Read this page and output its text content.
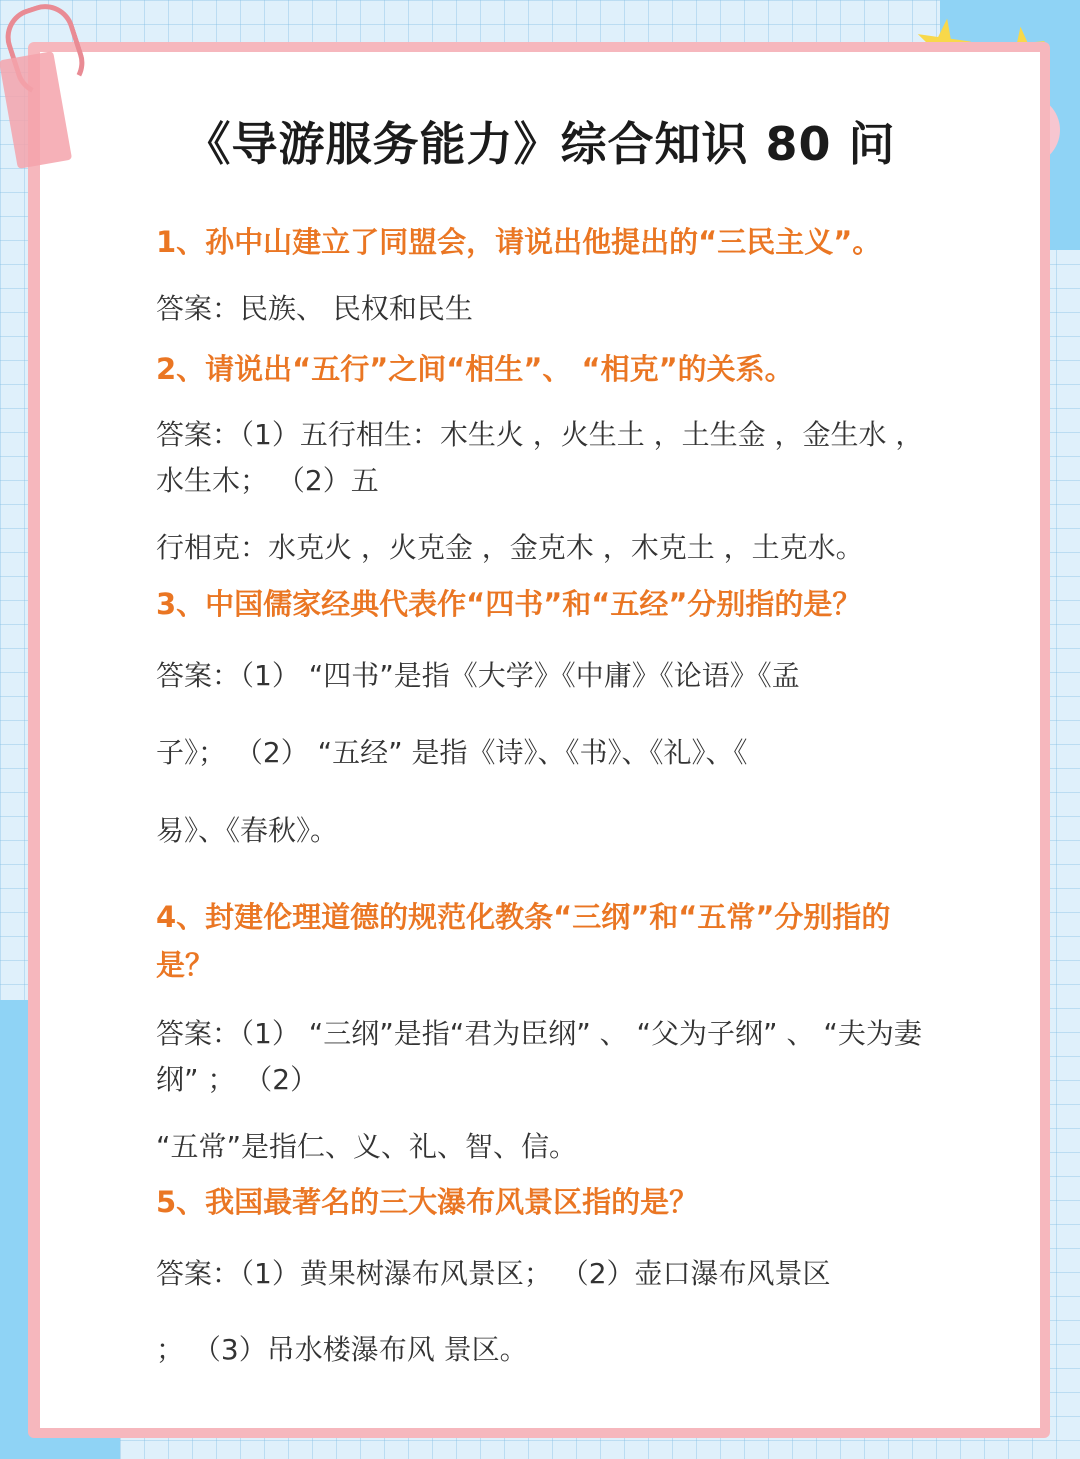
《导游服务能力》综合知识 80 问

1、孙中山建立了同盟会，请说出他提出的“三民主义”。

答案：民族、 民权和民生

2、请说出“五行”之间“相生”、 “相克”的关系。

答案：（1）五行相生：木生火 ，火生土 ，土生金 ，金生水 ，水生木； （2）五

行相克：水克火 ，火克金 ，金克木 ，木克土 ，土克水。

3、中国儒家经典代表作“四书”和“五经”分别指的是？

答案：（1） “四书”是指《大学》《中庸》《论语》《孟

子》； （2） “五经” 是指《诗》、《书》、《礼》、《

易》、《春秋》。

4、封建伦理道德的规范化教条“三纲”和“五常”分别指的是？

答案：（1） “三纲”是指“君为臣纲” 、 “父为子纲” 、 “夫为妻纲” ； （2）

“五常”是指仁、义、礼、智、信。

5、我国最著名的三大瀑布风景区指的是？

答案：（1）黄果树瀑布风景区； （2）壶口瀑布风景区

； （3）吊水楼瀑布风 景区。
